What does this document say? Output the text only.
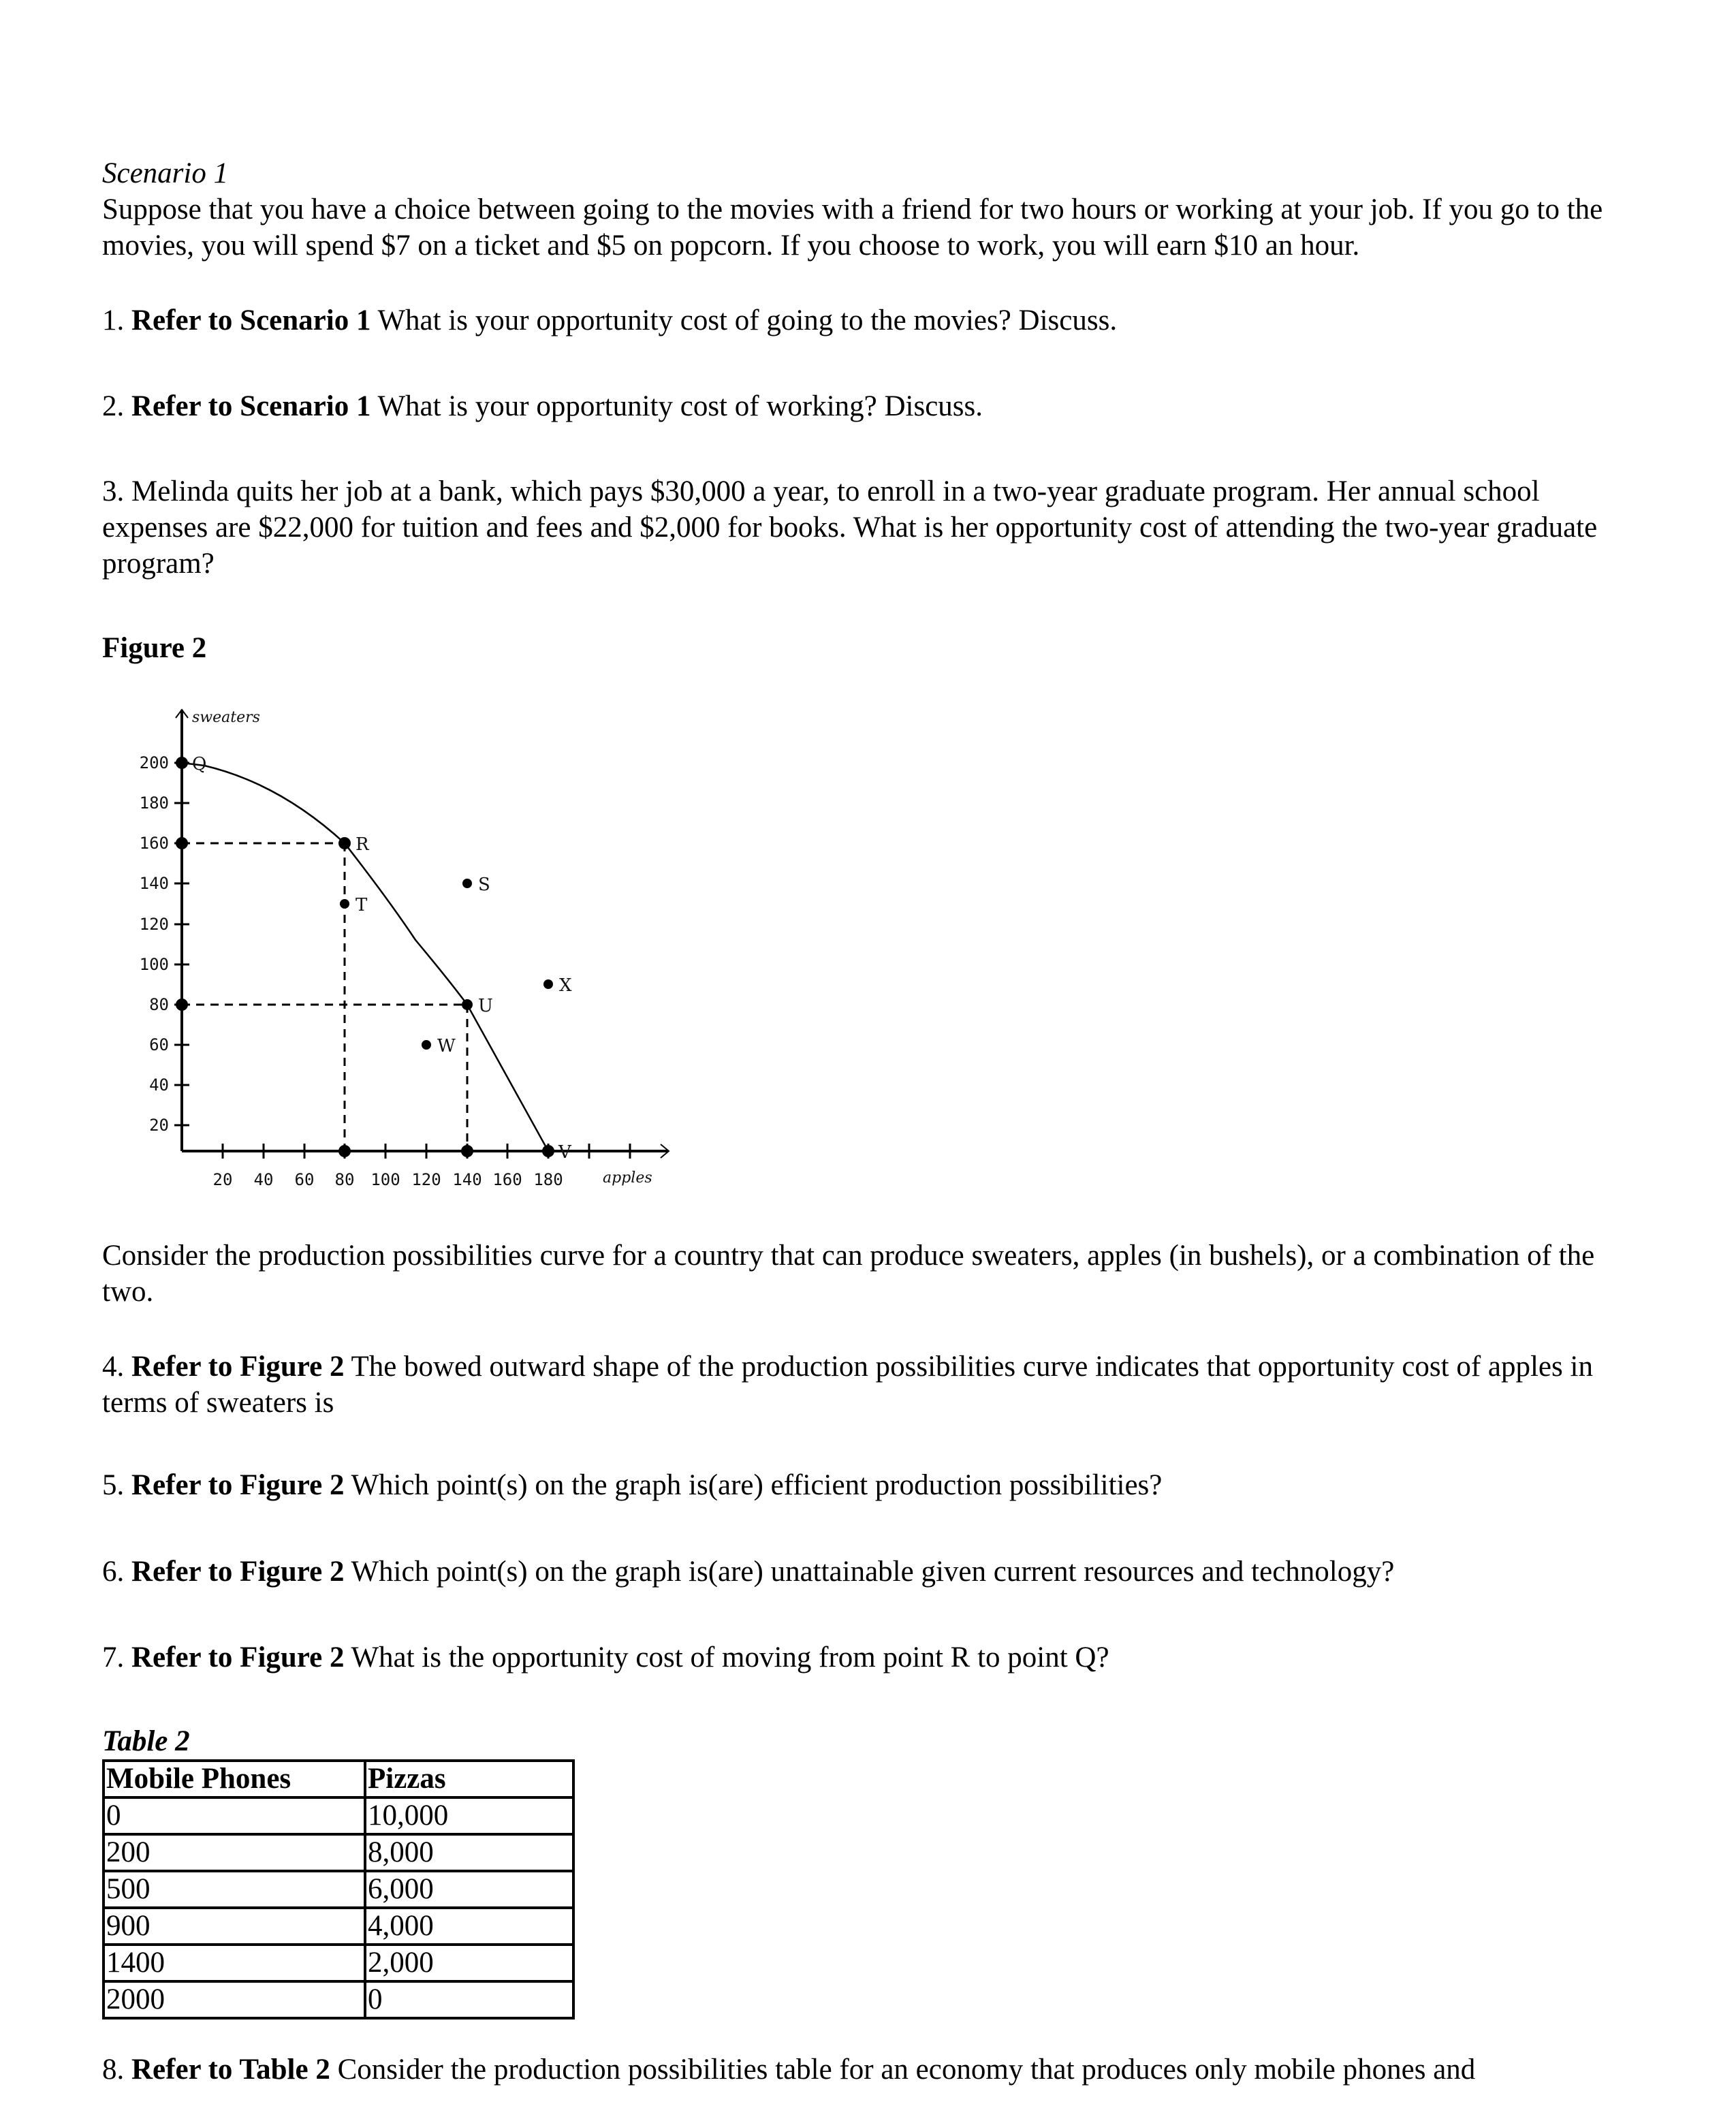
Scenario 1
Suppose that you have a choice between going to the movies with a friend for two hours or working at your job. If you go to the movies, you will spend $7 on a ticket and $5 on popcorn. If you choose to work, you will earn $10 an hour.
1. Refer to Scenario 1 What is your opportunity cost of going to the movies? Discuss.
2. Refer to Scenario 1 What is your opportunity cost of working? Discuss.
3. Melinda quits her job at a bank, which pays $30,000 a year, to enroll in a two-year graduate program. Her annual school expenses are $22,000 for tuition and fees and $2,000 for books. What is her opportunity cost of attending the two-year graduate program?
Figure 2
200
180
160
140
120
100
80
60
40
20
20 40 60 80 100 120 140 160 180
sweaters
apples
Q
R
T
S
U
W
X
V
Consider the production possibilities curve for a country that can produce sweaters, apples (in bushels), or a combination of the two.
4. Refer to Figure 2 The bowed outward shape of the production possibilities curve indicates that opportunity cost of apples in terms of sweaters is
5. Refer to Figure 2 Which point(s) on the graph is(are) efficient production possibilities?
6. Refer to Figure 2 Which point(s) on the graph is(are) unattainable given current resources and technology?
7. Refer to Figure 2 What is the opportunity cost of moving from point R to point Q?
Table 2
Mobile Phones	Pizzas
0	10,000
200	8,000
500	6,000
900	4,000
1400	2,000
2000	0
8. Refer to Table 2 Consider the production possibilities table for an economy that produces only mobile phones and
